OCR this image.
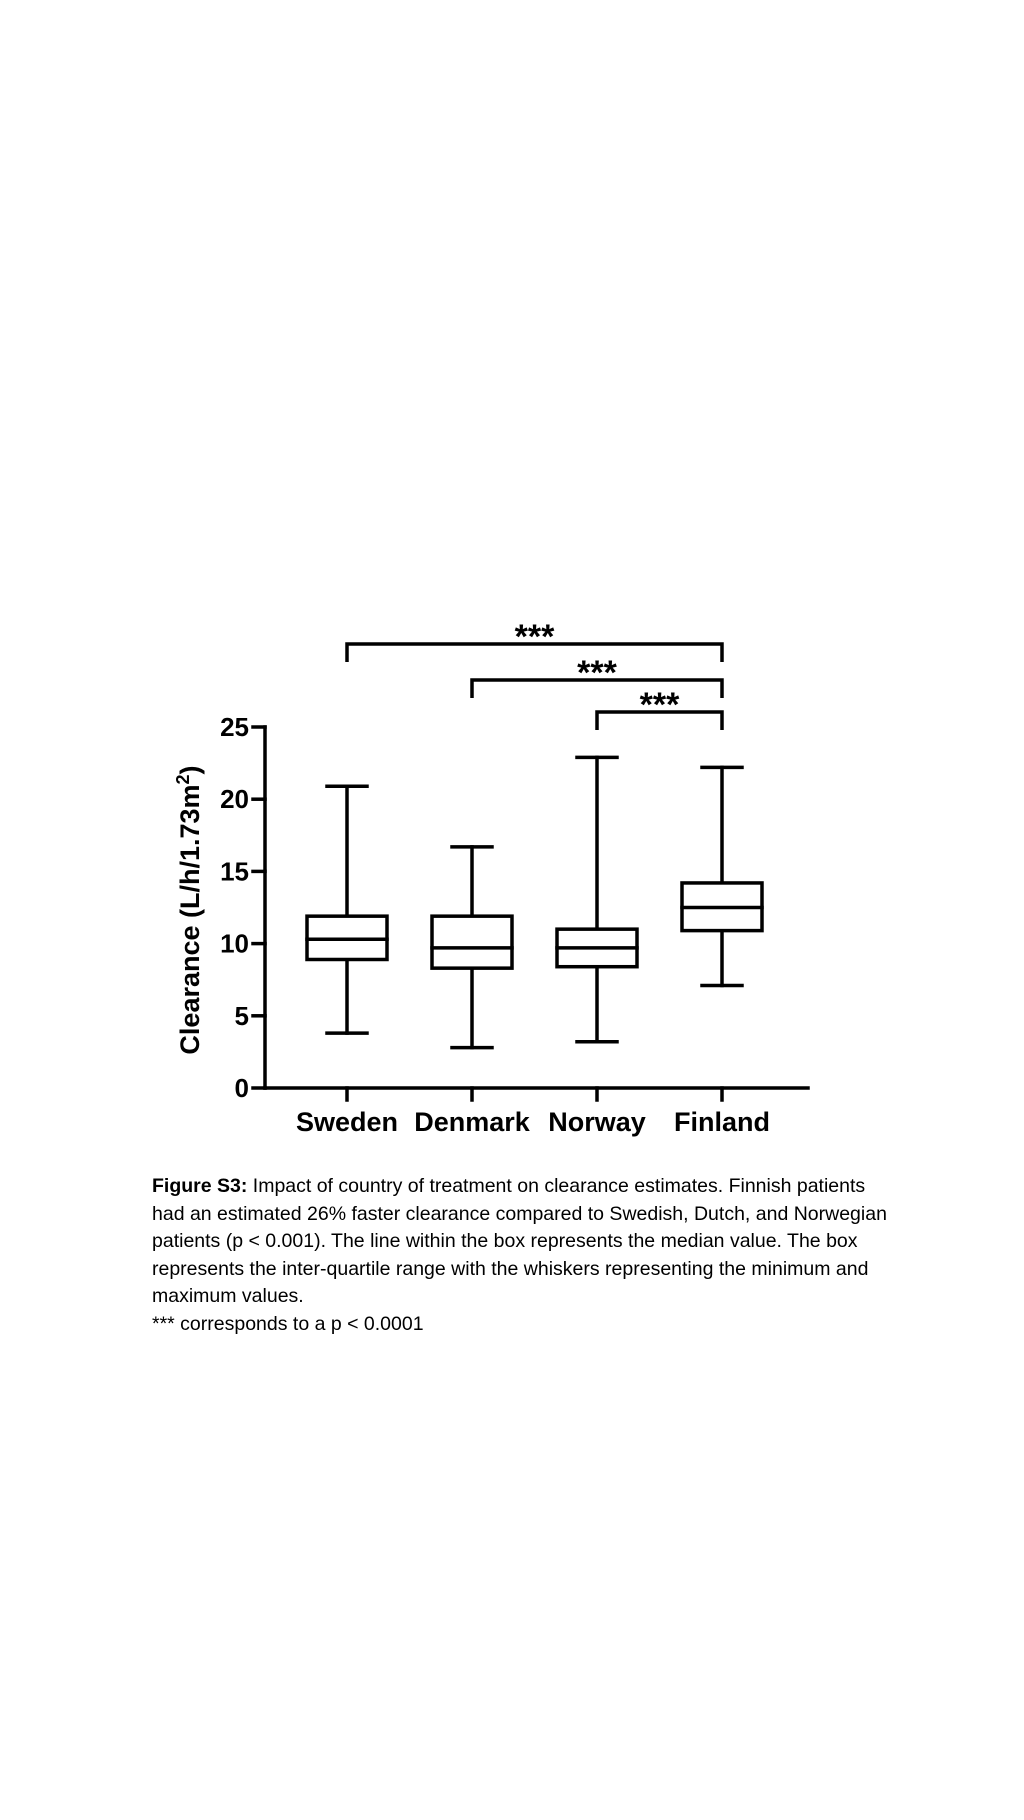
0
5
10
15
20
25
Sweden Denmark Norway Finland
***
***
***
Clearance $(L/h/1.73m^2)$

Figure S3: Impact of country of treatment on clearance estimates. Finnish patients had an estimated 26% faster clearance compared to Swedish, Dutch, and Norwegian patients (p < 0.001). The line within the box represents the median value. The box represents the inter-quartile range with the whiskers representing the minimum and maximum values.

*** corresponds to a p < 0.0001
